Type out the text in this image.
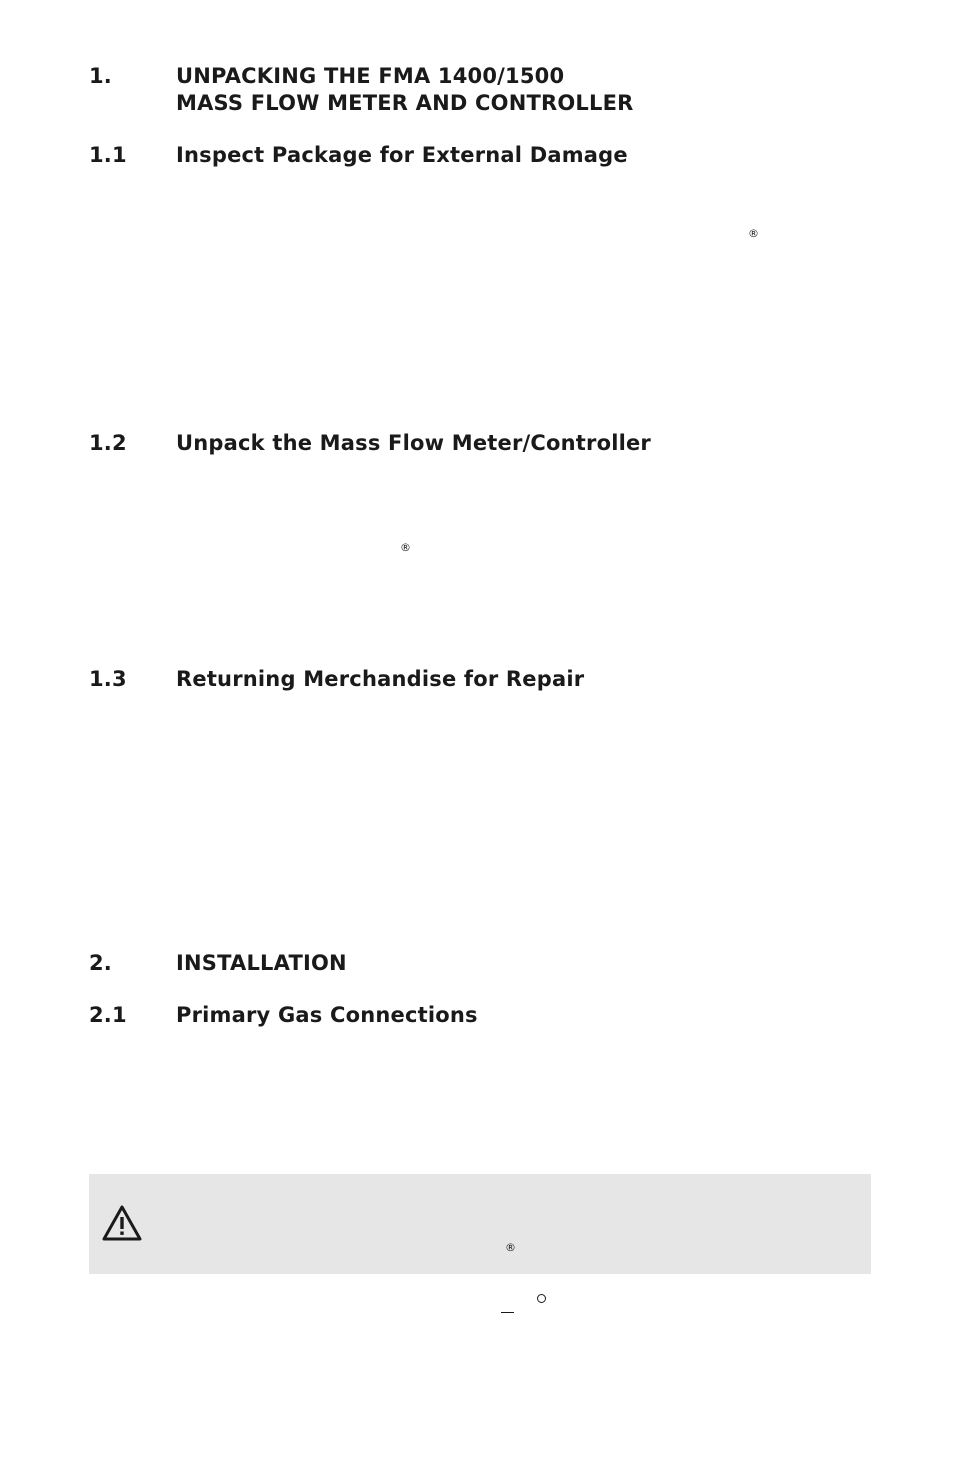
1.	UNPACKING THE FMA 1400/1500
MASS FLOW METER AND CONTROLLER
1.1 Inspect Package for External Damage
®
1.2 Unpack the Mass Flow Meter/Controller
®
1.3 Returning Merchandise for Repair
2.	INSTALLATION
2.1 Primary Gas Connections
®
